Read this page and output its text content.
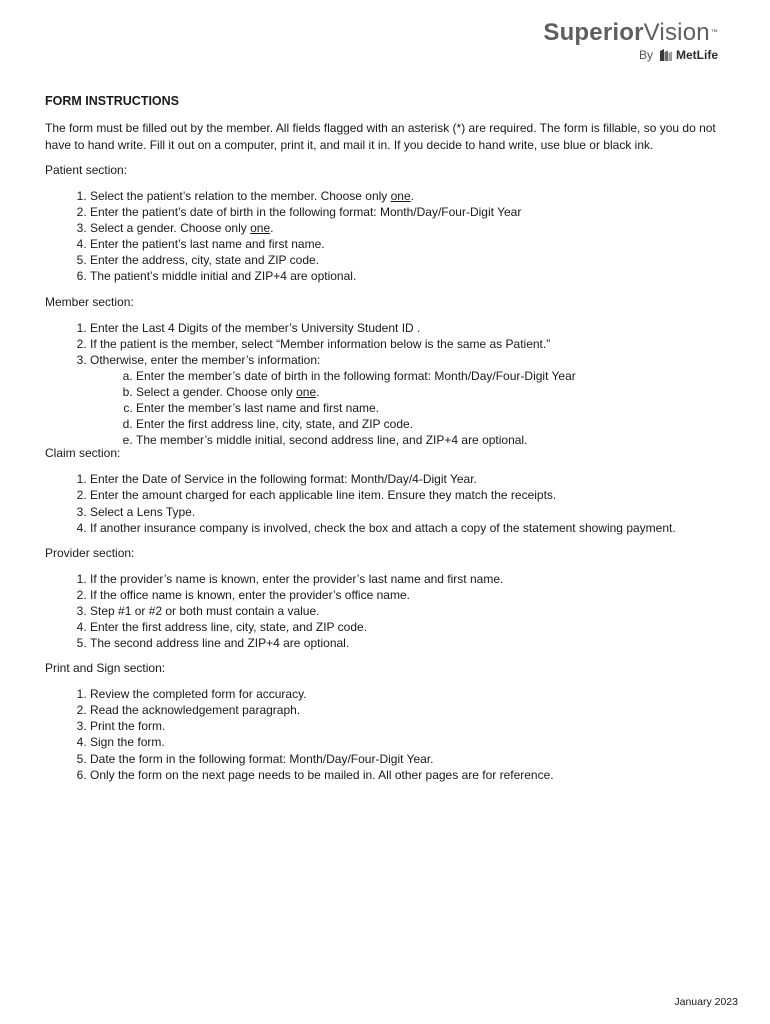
SuperiorVision™
By MetLife
FORM INSTRUCTIONS

The form must be filled out by the member. All fields flagged with an asterisk (*) are required. The form is fillable, so you do not have to hand write. Fill it out on a computer, print it, and mail it in. If you decide to hand write, use blue or black ink.

Patient section:
1. Select the patient’s relation to the member. Choose only one.
2. Enter the patient’s date of birth in the following format: Month/Day/Four-Digit Year
3. Select a gender. Choose only one.
4. Enter the patient’s last name and first name.
5. Enter the address, city, state and ZIP code.
6. The patient’s middle initial and ZIP+4 are optional.
Member section:
1. Enter the Last 4 Digits of the member’s University Student ID .
2. If the patient is the member, select “Member information below is the same as Patient.”
3. Otherwise, enter the member’s information:
a. Enter the member’s date of birth in the following format: Month/Day/Four-Digit Year
b. Select a gender. Choose only one.
c. Enter the member’s last name and first name.
d. Enter the first address line, city, state, and ZIP code.
e. The member’s middle initial, second address line, and ZIP+4 are optional.
Claim section:
1. Enter the Date of Service in the following format: Month/Day/4-Digit Year.
2. Enter the amount charged for each applicable line item. Ensure they match the receipts.
3. Select a Lens Type.
4. If another insurance company is involved, check the box and attach a copy of the statement showing payment.
Provider section:
1. If the provider’s name is known, enter the provider’s last name and first name.
2. If the office name is known, enter the provider’s office name.
3. Step #1 or #2 or both must contain a value.
4. Enter the first address line, city, state, and ZIP code.
5. The second address line and ZIP+4 are optional.
Print and Sign section:
1. Review the completed form for accuracy.
2. Read the acknowledgement paragraph.
3. Print the form.
4. Sign the form.
5. Date the form in the following format: Month/Day/Four-Digit Year.
6. Only the form on the next page needs to be mailed in. All other pages are for reference.
January 2023
